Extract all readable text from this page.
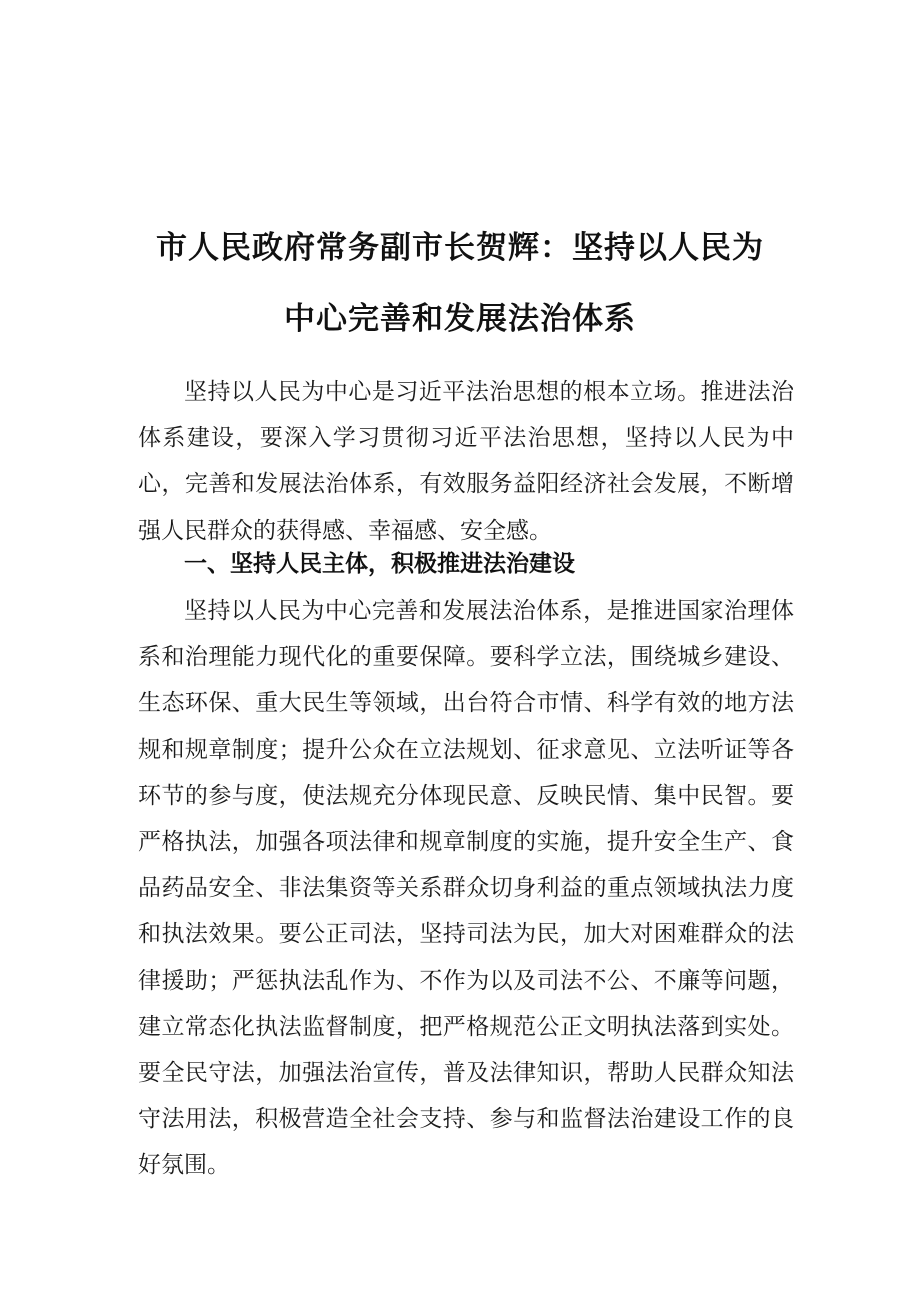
市人民政府常务副市长贺辉：坚持以人民为
中心完善和发展法治体系

坚持以人民为中心是习近平法治思想的根本立场。推进法治体系建设，要深入学习贯彻习近平法治思想，坚持以人民为中心，完善和发展法治体系，有效服务益阳经济社会发展，不断增强人民群众的获得感、幸福感、安全感。

一、坚持人民主体，积极推进法治建设

坚持以人民为中心完善和发展法治体系，是推进国家治理体系和治理能力现代化的重要保障。要科学立法，围绕城乡建设、生态环保、重大民生等领域，出台符合市情、科学有效的地方法规和规章制度；提升公众在立法规划、征求意见、立法听证等各环节的参与度，使法规充分体现民意、反映民情、集中民智。要严格执法，加强各项法律和规章制度的实施，提升安全生产、食品药品安全、非法集资等关系群众切身利益的重点领域执法力度和执法效果。要公正司法，坚持司法为民，加大对困难群众的法律援助；严惩执法乱作为、不作为以及司法不公、不廉等问题，建立常态化执法监督制度，把严格规范公正文明执法落到实处。要全民守法，加强法治宣传，普及法律知识，帮助人民群众知法守法用法，积极营造全社会支持、参与和监督法治建设工作的良好氛围。
